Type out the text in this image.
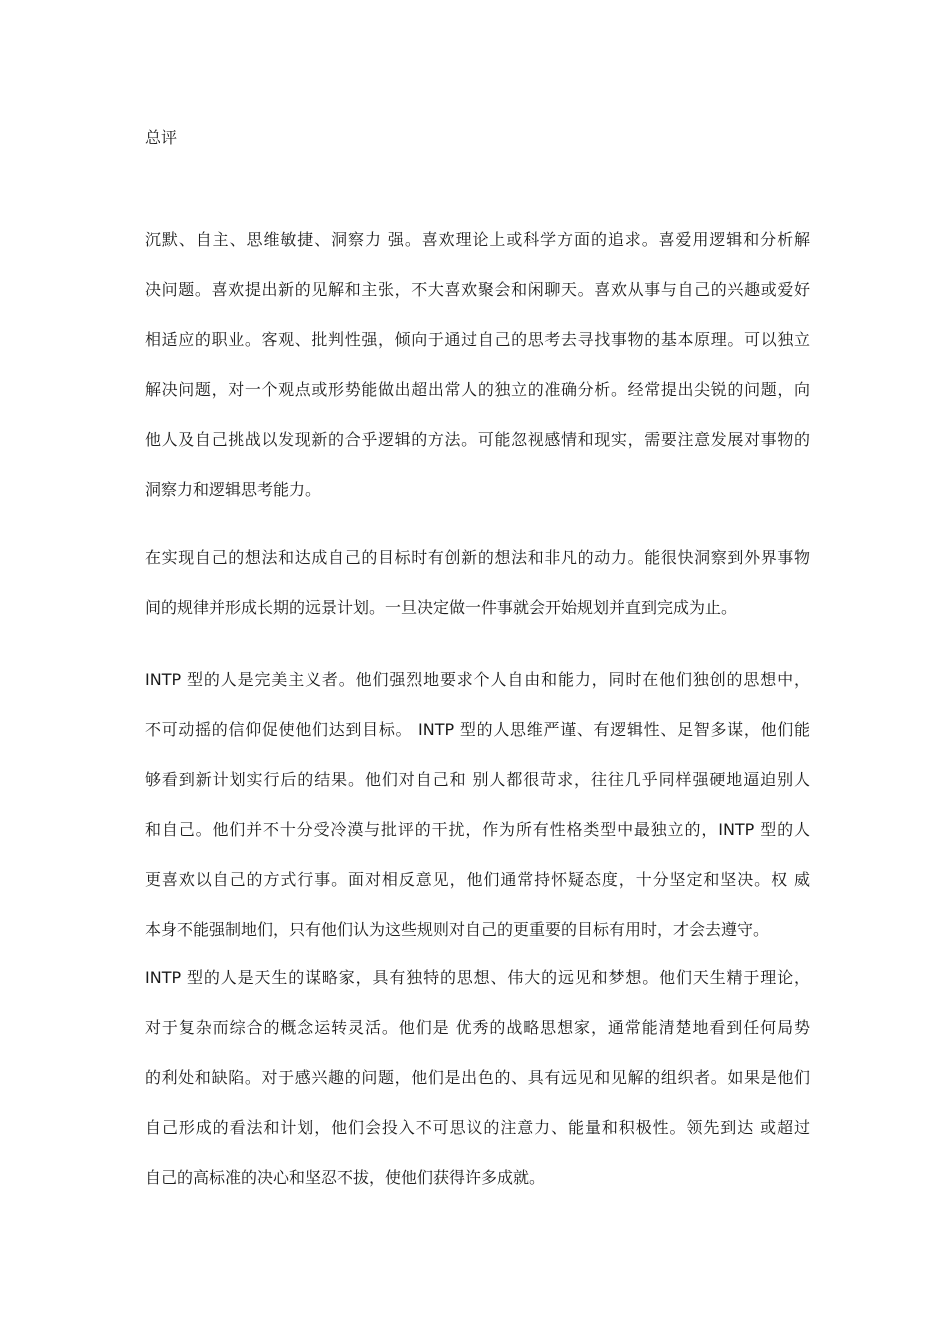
总评
沉默、自主、思维敏捷、洞察力 强。喜欢理论上或科学方面的追求。喜爱用逻辑和分析解
决问题。喜欢提出新的见解和主张，不大喜欢聚会和闲聊天。喜欢从事与自己的兴趣或爱好
相适应的职业。客观、批判性强，倾向于通过自己的思考去寻找事物的基本原理。可以独立
解决问题，对一个观点或形势能做出超出常人的独立的准确分析。经常提出尖锐的问题，向
他人及自己挑战以发现新的合乎逻辑的方法。可能忽视感情和现实，需要注意发展对事物的
洞察力和逻辑思考能力。
在实现自己的想法和达成自己的目标时有创新的想法和非凡的动力。能很快洞察到外界事物
间的规律并形成长期的远景计划。一旦决定做一件事就会开始规划并直到完成为止。
INTP 型的人是完美主义者。他们强烈地要求个人自由和能力，同时在他们独创的思想中，
不可动摇的信仰促使他们达到目标。 INTP 型的人思维严谨、有逻辑性、足智多谋，他们能
够看到新计划实行后的结果。他们对自己和 别人都很苛求，往往几乎同样强硬地逼迫别人
和自己。他们并不十分受冷漠与批评的干扰，作为所有性格类型中最独立的，INTP 型的人
更喜欢以自己的方式行事。面对相反意见，他们通常持怀疑态度，十分坚定和坚决。权 威
本身不能强制地们，只有他们认为这些规则对自己的更重要的目标有用时，才会去遵守。
INTP 型的人是天生的谋略家，具有独特的思想、伟大的远见和梦想。他们天生精于理论，
对于复杂而综合的概念运转灵活。他们是 优秀的战略思想家，通常能清楚地看到任何局势
的利处和缺陷。对于感兴趣的问题，他们是出色的、具有远见和见解的组织者。如果是他们
自己形成的看法和计划，他们会投入不可思议的注意力、能量和积极性。领先到达 或超过
自己的高标准的决心和坚忍不拔，使他们获得许多成就。
